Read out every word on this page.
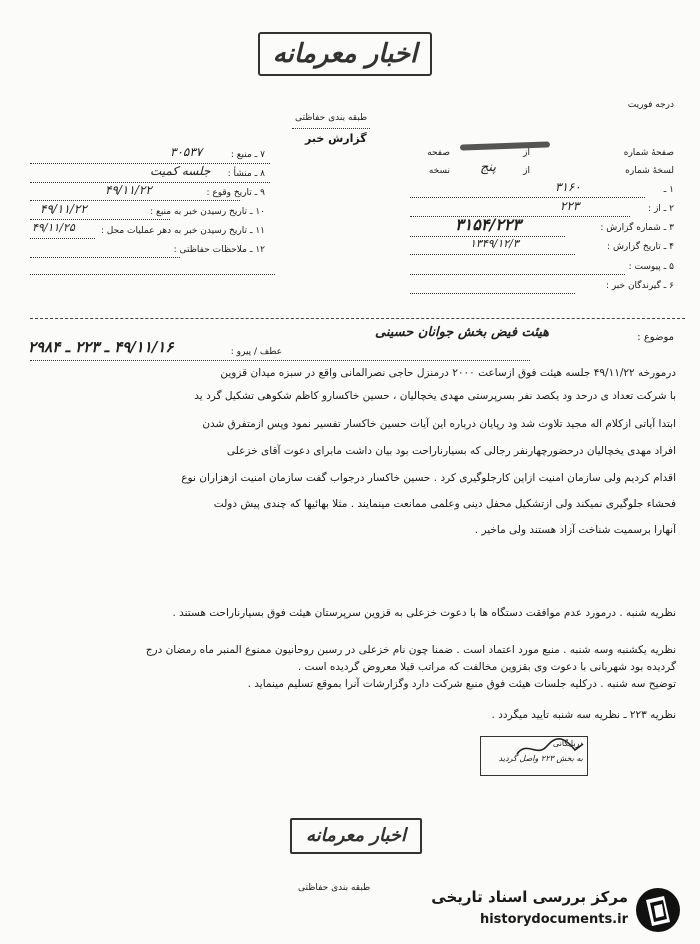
اخبار معرمانه
درجه فوریت
طبقه بندی حفاظتی
گزارش خبر
۷ ـ منبع :
۳۰۵۳۷
۸ ـ منشأ :
جلسه کمیت
۹ ـ تاریخ وقوع :
۴۹/۱۱/۲۲
۱۰ ـ تاریخ رسیدن خبر به منبع :
۴۹/۱۱/۲۲
۱۱ ـ تاریخ رسیدن خبر به دهر عملیات محل :
۴۹/۱۱/۲۵
۱۲ ـ ملاحظات حفاظتی :
صفحهٔ شماره
از
صفحه
لسخهٔ شماره
از
پنج
نسخه
۱ ـ
۳۱۶۰
۲ ـ از :
۲۲۳
۳ ـ شماره گزارش :
۳۱۵۴/۲۲۳
۴ ـ تاریخ گزارش :
۱۳۴۹/۱۲/۳
۵ ـ پیوست :
۶ ـ گیرندگان خبر :
موضوع :
هیئت فیض بخش جوانان حسینی
عطف / پیرو :
۴۹/۱۱/۱۶ ـ ۲۲۳ ـ ۲۹۸۴
درمورخه ۴۹/۱۱/۲۲ جلسه هیئت فوق ازساعت ۲۰۰۰ درمنزل حاجی نصرالمانی واقع در سبزه میدان قزوین
با شرکت تعداد ی درحد ود یکصد نفر بسرپرستی مهدی یخچالیان ، حسین خاکسارو کاظم شکوهی تشکیل گرد ید
ابتدا آیاتی ازکلام اله مجید تلاوت شد ود رپایان درباره این آیات حسین خاکسار تفسیر نمود وپس ازمتفرق شدن
افراد مهدی یخچالیان درحضورچهارنفر رجالی که بسیارناراحت بود بیان داشت مابرای دعوت آقای خزعلی
اقدام کردیم ولی سازمان امنیت ازاین کارجلوگیری کرد . حسین خاکسار درجواب گفت سازمان امنیت ازهزاران نوع
فحشاء جلوگیری نمیکند ولی ازتشکیل محفل دینی وعلمی ممانعت مینمایند . مثلا بهائیها که چندی پیش دولت
آنهارا برسمیت شناخت آزاد هستند ولی ماخیر .
نظریه شنبه . درمورد عدم موافقت دستگاه ها با دعوت خزعلی به قزوین سرپرستان هیئت فوق بسیارناراحت هستند .
نظریه یکشنبه وسه شنبه . منبع مورد اعتماد است . ضمنا چون نام خزعلی در رسبن روحانیون ممنوع المنبر ماه رمضان درج
گردیده بود شهربانی با دعوت وی بقزوین مخالفت که مراتب قبلا معروض گردیده است .
توضیح سه شنبه . درکلیه جلسات هیئت فوق منبع شرکت دارد وگزارشات آنرا بموقع تسلیم مینماید .
نظریه ۲۲۳ ـ نظریه سه شنبه تایید میگردد .
دربایگانی
به بخش ۲۲۳ واصل گردید
اخبار معرمانه
طبقه بندی حفاظتی	مرکز بررسی اسناد تاریخی
historydocuments.ir
